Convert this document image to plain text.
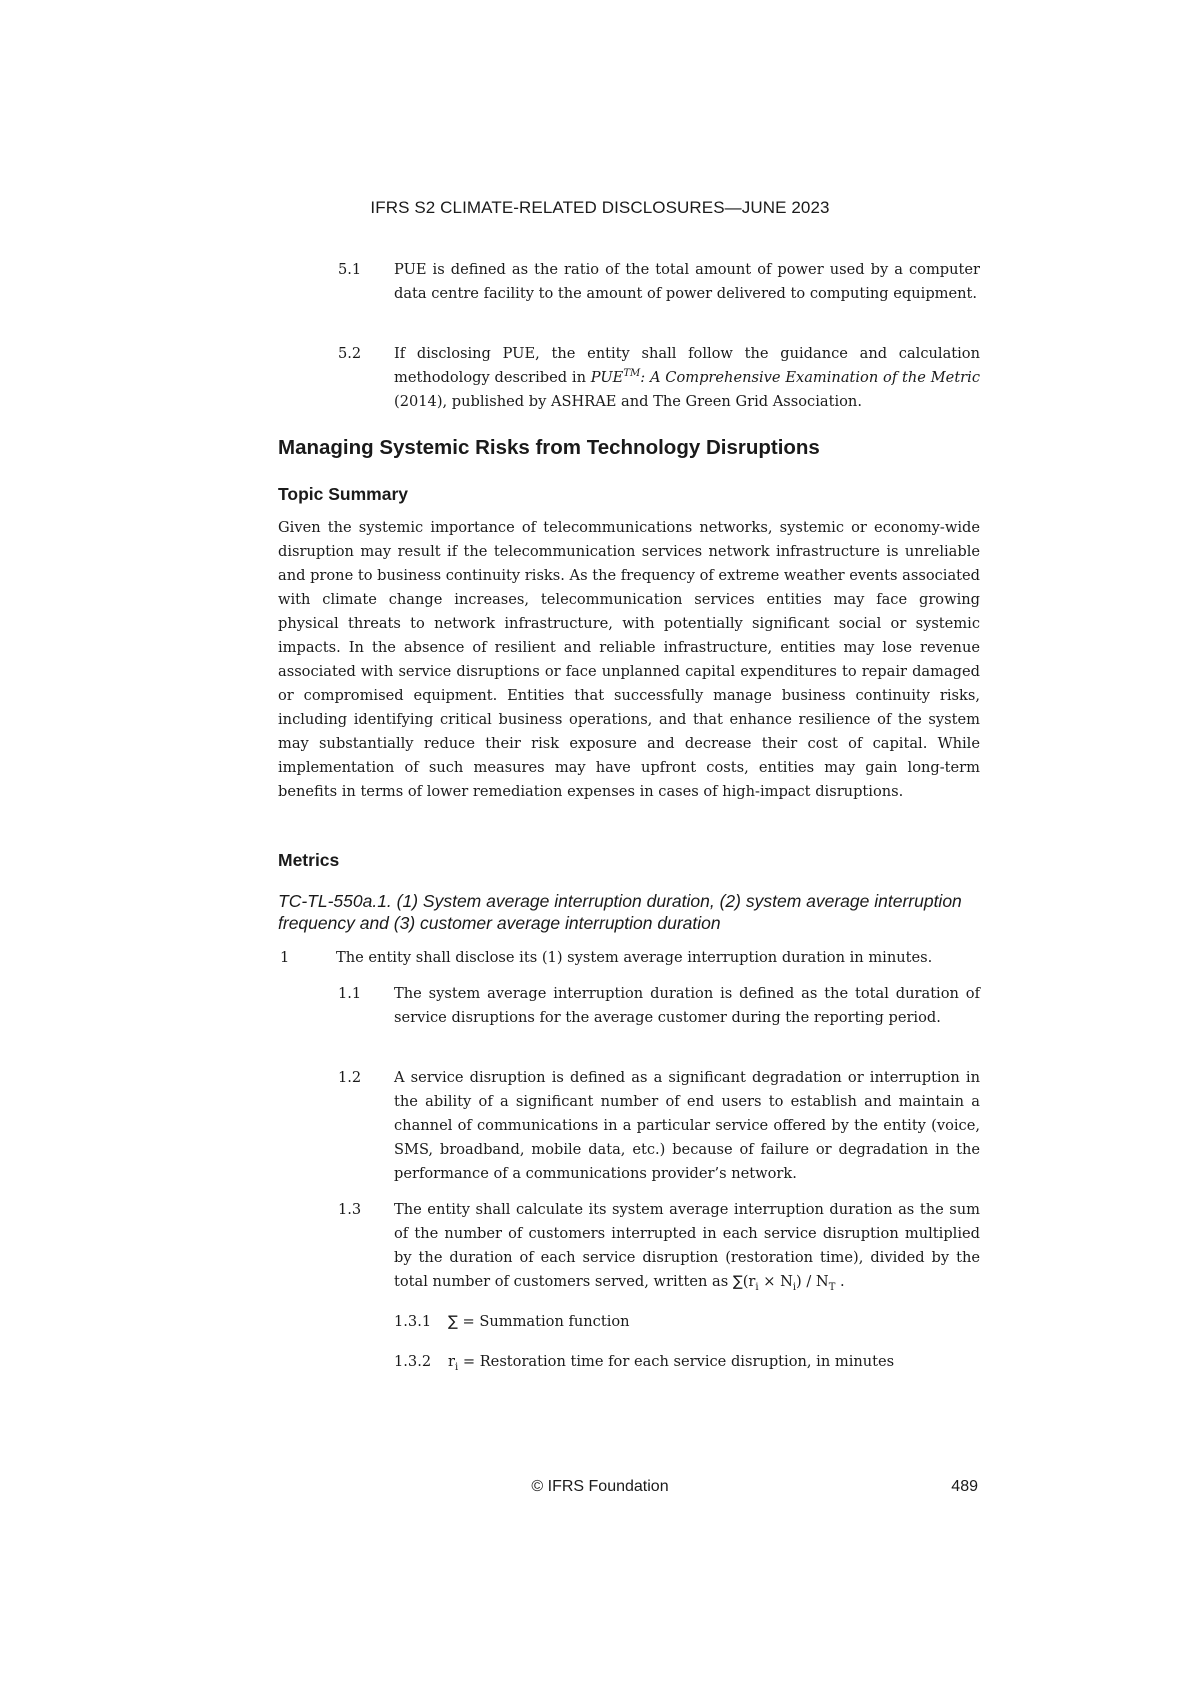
IFRS S2 CLIMATE-RELATED DISCLOSURES—JUNE 2023
5.1 PUE is defined as the ratio of the total amount of power used by a computer data centre facility to the amount of power delivered to computing equipment.
5.2 If disclosing PUE, the entity shall follow the guidance and calculation methodology described in PUE™: A Comprehensive Examination of the Metric (2014), published by ASHRAE and The Green Grid Association.
Managing Systemic Risks from Technology Disruptions
Topic Summary
Given the systemic importance of telecommunications networks, systemic or economy-wide disruption may result if the telecommunication services network infrastructure is unreliable and prone to business continuity risks. As the frequency of extreme weather events associated with climate change increases, telecommunication services entities may face growing physical threats to network infrastructure, with potentially significant social or systemic impacts. In the absence of resilient and reliable infrastructure, entities may lose revenue associated with service disruptions or face unplanned capital expenditures to repair damaged or compromised equipment. Entities that successfully manage business continuity risks, including identifying critical business operations, and that enhance resilience of the system may substantially reduce their risk exposure and decrease their cost of capital. While implementation of such measures may have upfront costs, entities may gain long-term benefits in terms of lower remediation expenses in cases of high-impact disruptions.
Metrics
TC-TL-550a.1. (1) System average interruption duration, (2) system average interruption frequency and (3) customer average interruption duration
1	The entity shall disclose its (1) system average interruption duration in minutes.
1.1 The system average interruption duration is defined as the total duration of service disruptions for the average customer during the reporting period.
1.2 A service disruption is defined as a significant degradation or interruption in the ability of a significant number of end users to establish and maintain a channel of communications in a particular service offered by the entity (voice, SMS, broadband, mobile data, etc.) because of failure or degradation in the performance of a communications provider’s network.
1.3 The entity shall calculate its system average interruption duration as the sum of the number of customers interrupted in each service disruption multiplied by the duration of each service disruption (restoration time), divided by the total number of customers served, written as $\sum(r_i \times N_i) / N_T$ .
1.3.1 ∑ = Summation function
1.3.2 $r_i$ = Restoration time for each service disruption, in minutes
© IFRS Foundation	489
